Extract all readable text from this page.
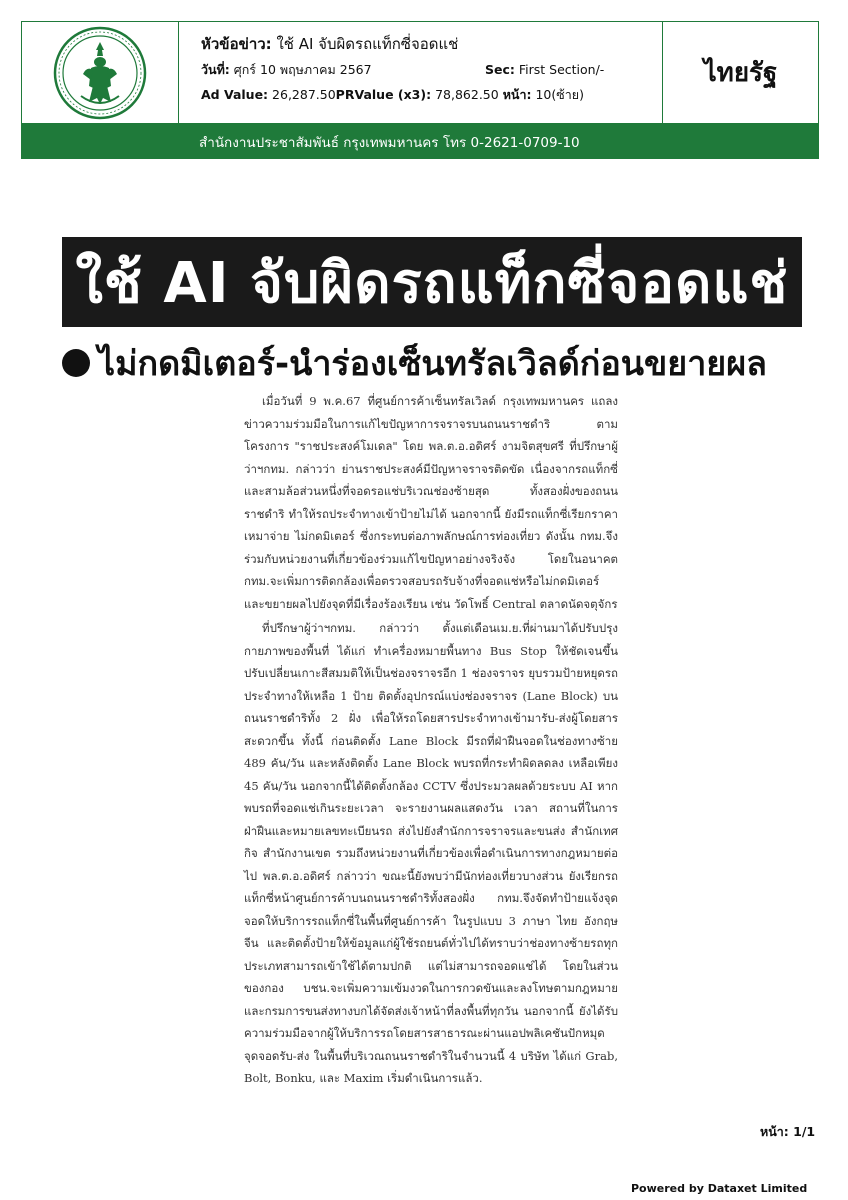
หัวข้อข่าว: ใช้ AI จับผิดรถแท็กซี่จอดแช่
วันที่: ศุกร์ 10 พฤษภาคม 2567	Sec: First Section/-
Ad Value: 26,287.50PRValue (x3): 78,862.50 หน้า: 10(ซ้าย)
ไทยรัฐ
สำนักงานประชาสัมพันธ์ กรุงเทพมหานคร โทร 0-2621-0709-10
ใช้ AI จับผิดรถแท็กซี่จอดแช่
ไม่กดมิเตอร์-นำร่องเซ็นทรัลเวิลด์ก่อนขยายผล

เมื่อวันที่ 9 พ.ค.67 ที่ศูนย์การค้าเซ็นทรัลเวิลด์ กรุงเทพมหานคร แถลงข่าวความร่วมมือในการแก้ไขปัญหาการจราจรบนถนนราชดำริ ตามโครงการ "ราชประสงค์โมเดล" โดย พล.ต.อ.อดิศร์ งามจิตสุขศรี ที่ปรึกษาผู้ว่าฯกทม. กล่าวว่า ย่านราชประสงค์มีปัญหาจราจรติดขัด เนื่องจากรถแท็กซี่และสามล้อส่วนหนึ่งที่จอดรอแช่บริเวณช่องซ้ายสุด ทั้งสองฝั่งของถนนราชดำริ ทำให้รถประจำทางเข้าป้ายไม่ได้ นอกจากนี้ ยังมีรถแท็กซี่เรียกราคาเหมาจ่าย ไม่กดมิเตอร์ ซึ่งกระทบต่อภาพลักษณ์การท่องเที่ยว ดังนั้น กทม.จึงร่วมกับหน่วยงานที่เกี่ยวข้องร่วมแก้ไขปัญหาอย่างจริงจัง โดยในอนาคต กทม.จะเพิ่มการติดกล้องเพื่อตรวจสอบรถรับจ้างที่จอดแช่หรือไม่กดมิเตอร์ และขยายผลไปยังจุดที่มีเรื่องร้องเรียน เช่น วัดโพธิ์ Central ตลาดนัดจตุจักร

ที่ปรึกษาผู้ว่าฯกทม. กล่าวว่า ตั้งแต่เดือนเม.ย.ที่ผ่านมาได้ปรับปรุงกายภาพของพื้นที่ ได้แก่ ทำเครื่องหมายพื้นทาง Bus Stop ให้ชัดเจนขึ้น ปรับเปลี่ยนเกาะสีสมมติให้เป็นช่องจราจรอีก 1 ช่องจราจร ยุบรวมป้ายหยุดรถประจำทางให้เหลือ 1 ป้าย ติดตั้งอุปกรณ์แบ่งช่องจราจร (Lane Block) บนถนนราชดำริทั้ง 2 ฝั่ง เพื่อให้รถโดยสารประจำทางเข้ามารับ-ส่งผู้โดยสารสะดวกขึ้น ทั้งนี้ ก่อนติดตั้ง Lane Block มีรถที่ฝ่าฝืนจอดในช่องทางซ้าย 489 คัน/วัน และหลังติดตั้ง Lane Block พบรถที่กระทำผิดลดลง เหลือเพียง 45 คัน/วัน นอกจากนี้ได้ติดตั้งกล้อง CCTV ซึ่งประมวลผลด้วยระบบ AI หากพบรถที่จอดแช่เกินระยะเวลา จะรายงานผลแสดงวัน เวลา สถานที่ในการฝ่าฝืนและหมายเลขทะเบียนรถ ส่งไปยังสำนักการจราจรและขนส่ง สำนักเทศกิจ สำนักงานเขต รวมถึงหน่วยงานที่เกี่ยวข้องเพื่อดำเนินการทางกฎหมายต่อไป พล.ต.อ.อดิศร์ กล่าวว่า ขณะนี้ยังพบว่ามีนักท่องเที่ยวบางส่วน ยังเรียกรถแท็กซี่หน้าศูนย์การค้าบนถนนราชดำริทั้งสองฝั่ง กทม.จึงจัดทำป้ายแจ้งจุดจอดให้บริการรถแท็กซี่ในพื้นที่ศูนย์การค้า ในรูปแบบ 3 ภาษา ไทย อังกฤษ จีน และติดตั้งป้ายให้ข้อมูลแก่ผู้ใช้รถยนต์ทั่วไปได้ทราบว่าช่องทางซ้ายรถทุกประเภทสามารถเข้าใช้ได้ตามปกติ แต่ไม่สามารถจอดแช่ได้ โดยในส่วนของกอง บชน.จะเพิ่มความเข้มงวดในการกวดขันและลงโทษตามกฎหมาย และกรมการขนส่งทางบกได้จัดส่งเจ้าหน้าที่ลงพื้นที่ทุกวัน นอกจากนี้ ยังได้รับความร่วมมือจากผู้ให้บริการรถโดยสารสาธารณะผ่านแอปพลิเคชันปักหมุดจุดจอดรับ-ส่ง ในพื้นที่บริเวณถนนราชดำริในจำนวนนี้ 4 บริษัท ได้แก่ Grab, Bolt, Bonku, และ Maxim เริ่มดำเนินการแล้ว.

หน้า: 1/1
Powered by Dataxet Limited
